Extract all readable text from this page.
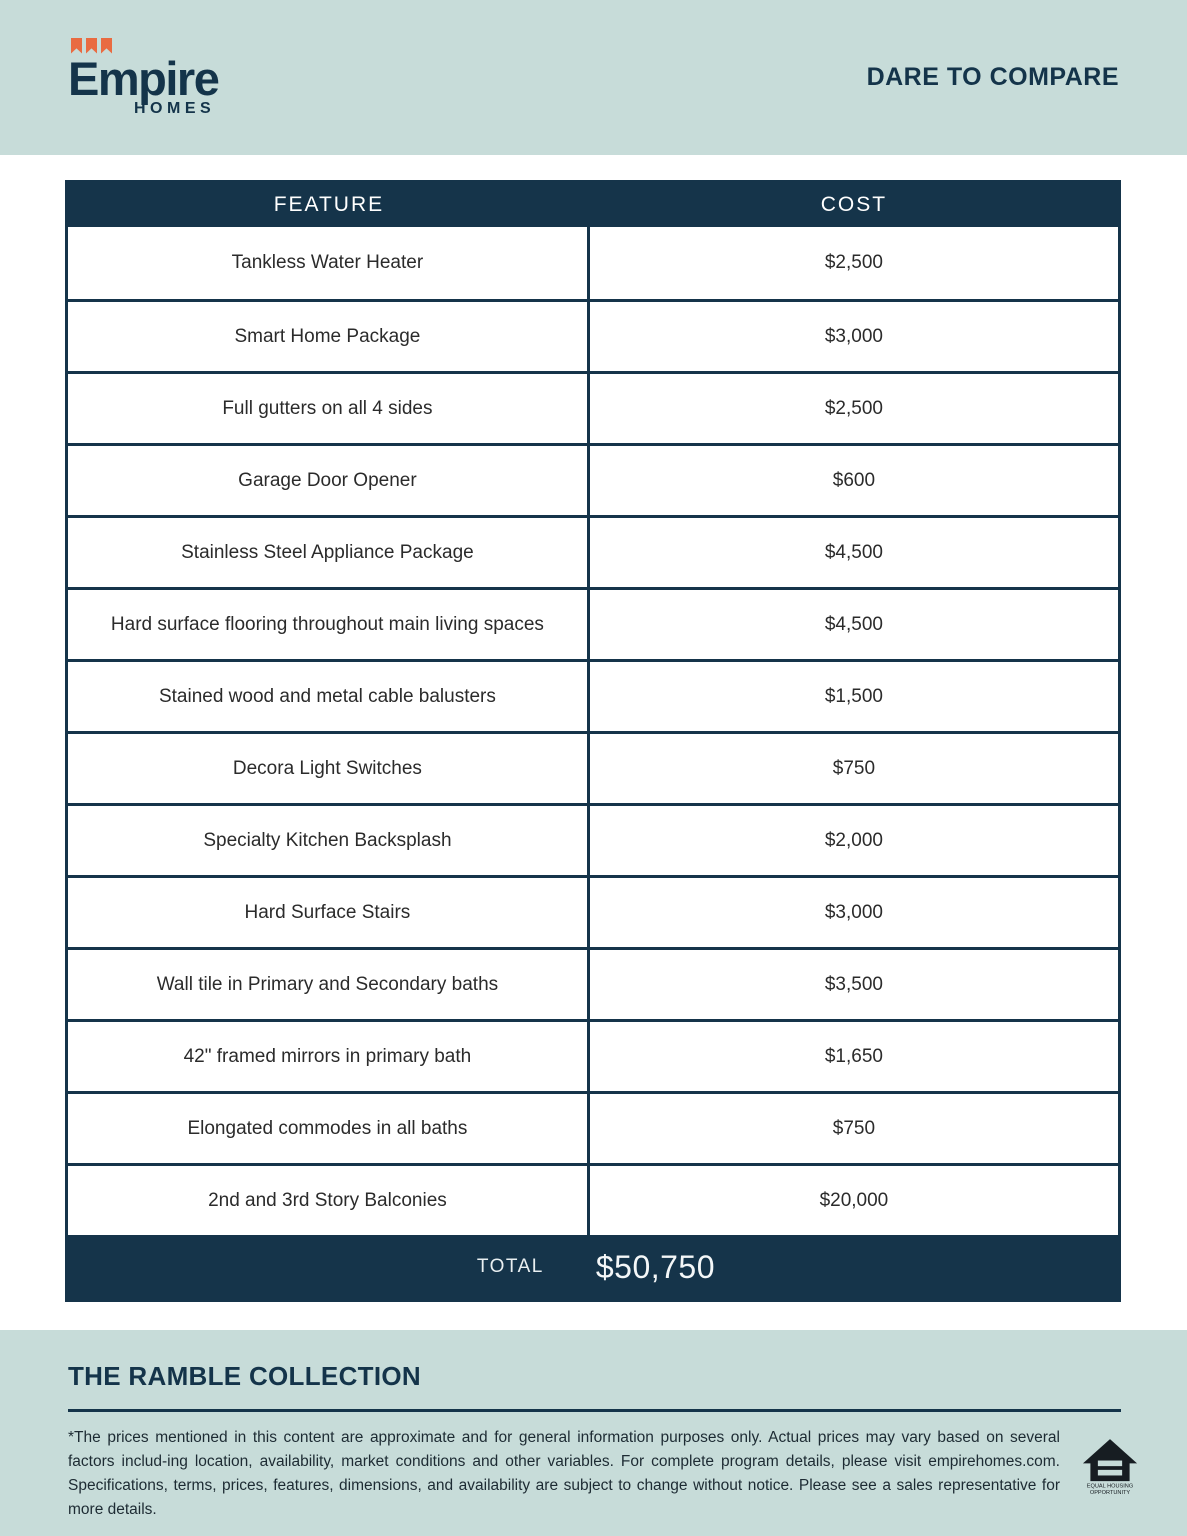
Empire
HOMES
DARE TO COMPARE
FEATURE	COST
Tankless Water Heater	$2,500
Smart Home Package	$3,000
Full gutters on all 4 sides	$2,500
Garage Door Opener	$600
Stainless Steel Appliance Package	$4,500
Hard surface flooring throughout main living spaces	$4,500
Stained wood and metal cable balusters	$1,500
Decora Light Switches	$750
Specialty Kitchen Backsplash	$2,000
Hard Surface Stairs	$3,000
Wall tile in Primary and Secondary baths	$3,500
42" framed mirrors in primary bath	$1,650
Elongated commodes in all baths	$750
2nd and 3rd Story Balconies	$20,000
TOTAL	$50,750
THE RAMBLE COLLECTION
*The prices mentioned in this content are approximate and for general information purposes only. Actual prices may vary based on several factors includ-ing location, availability, market conditions and other variables. For complete program details, please visit empirehomes.com. Specifications, terms, prices, features, dimensions, and availability are subject to change without notice. Please see a sales representative for more details.
EQUAL HOUSING
OPPORTUNITY
